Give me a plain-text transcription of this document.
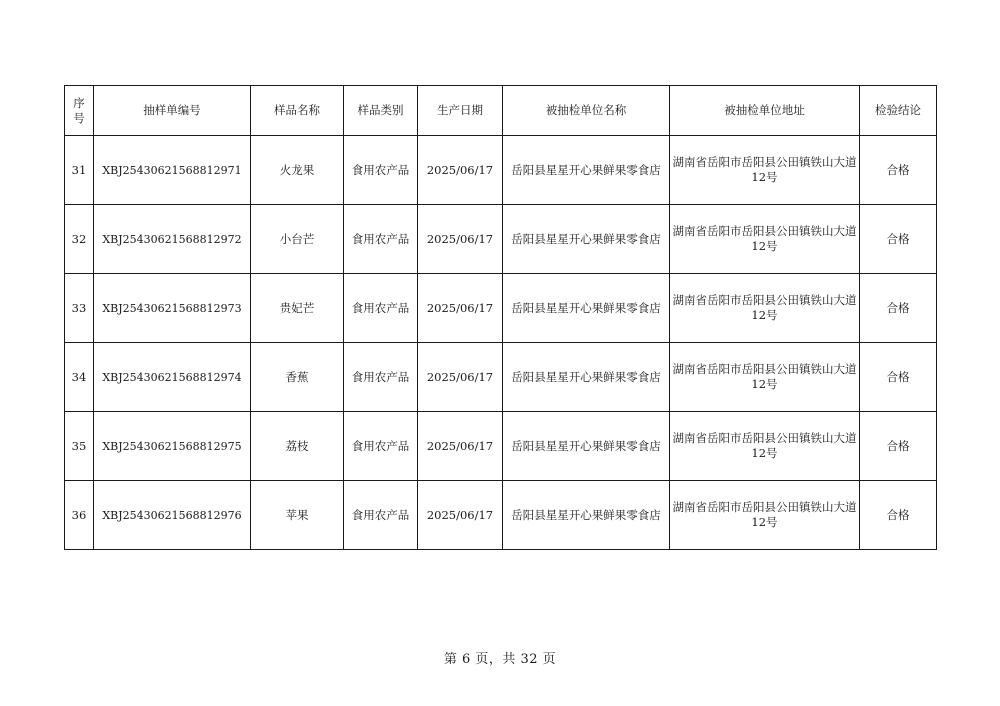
序号	抽样单编号	样品名称	样品类别	生产日期	被抽检单位名称	被抽检单位地址	检验结论
31	XBJ25430621568812971	火龙果	食用农产品	2025/06/17	岳阳县星星开心果鲜果零食店	湖南省岳阳市岳阳县公田镇铁山大道12号	合格
32	XBJ25430621568812972	小台芒	食用农产品	2025/06/17	岳阳县星星开心果鲜果零食店	湖南省岳阳市岳阳县公田镇铁山大道12号	合格
33	XBJ25430621568812973	贵妃芒	食用农产品	2025/06/17	岳阳县星星开心果鲜果零食店	湖南省岳阳市岳阳县公田镇铁山大道12号	合格
34	XBJ25430621568812974	香蕉	食用农产品	2025/06/17	岳阳县星星开心果鲜果零食店	湖南省岳阳市岳阳县公田镇铁山大道12号	合格
35	XBJ25430621568812975	荔枝	食用农产品	2025/06/17	岳阳县星星开心果鲜果零食店	湖南省岳阳市岳阳县公田镇铁山大道12号	合格
36	XBJ25430621568812976	苹果	食用农产品	2025/06/17	岳阳县星星开心果鲜果零食店	湖南省岳阳市岳阳县公田镇铁山大道12号	合格
第 6 页，共 32 页
